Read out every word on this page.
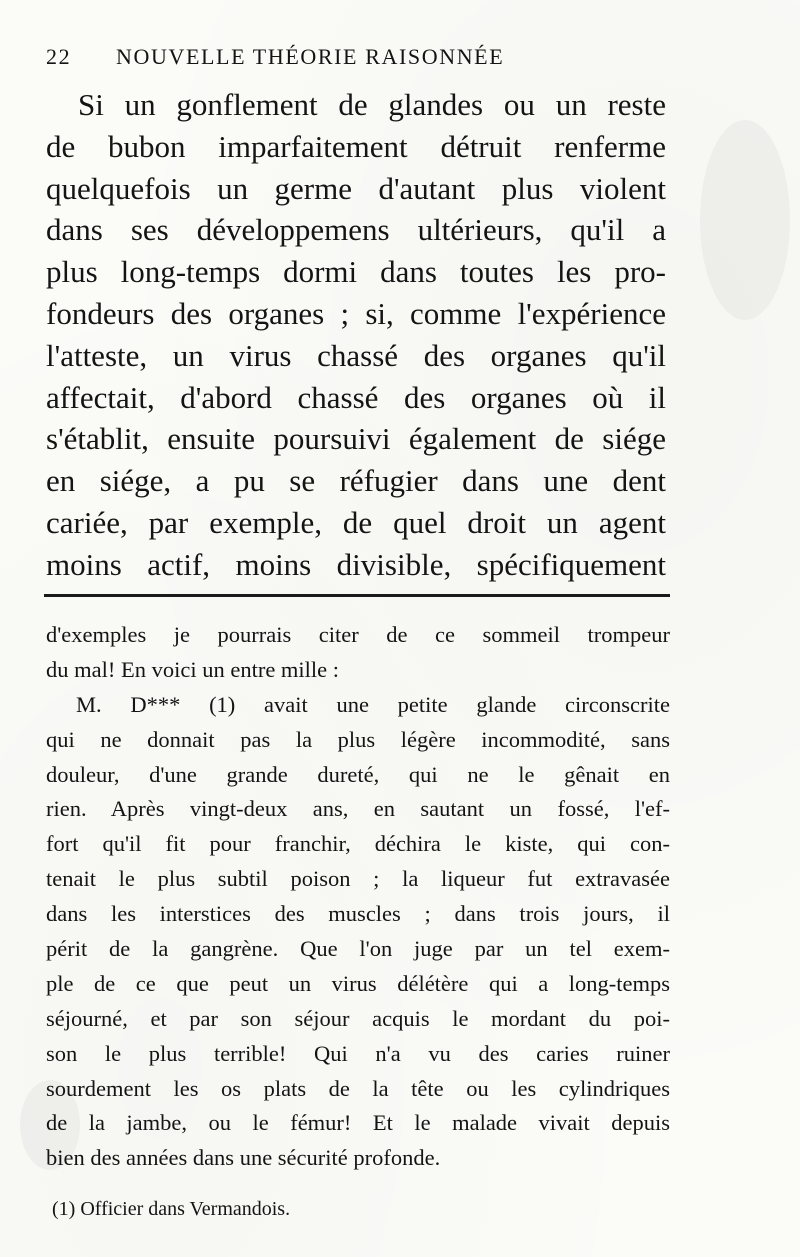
22 NOUVELLE THÉORIE RAISONNÉE
Si un gonflement de glandes ou un reste
de bubon imparfaitement détruit renferme
quelquefois un germe d'autant plus violent
dans ses développemens ultérieurs, qu'il a
plus long-temps dormi dans toutes les pro-
fondeurs des organes ; si, comme l'expérience
l'atteste, un virus chassé des organes qu'il
affectait, d'abord chassé des organes où il
s'établit, ensuite poursuivi également de siége
en siége, a pu se réfugier dans une dent
cariée, par exemple, de quel droit un agent
moins actif, moins divisible, spécifiquement
d'exemples je pourrais citer de ce sommeil trompeur
du mal! En voici un entre mille :
M. D*** (1) avait une petite glande circonscrite
qui ne donnait pas la plus légère incommodité, sans
douleur, d'une grande dureté, qui ne le gênait en
rien. Après vingt-deux ans, en sautant un fossé, l'ef-
fort qu'il fit pour franchir, déchira le kiste, qui con-
tenait le plus subtil poison ; la liqueur fut extravasée
dans les interstices des muscles ; dans trois jours, il
périt de la gangrène. Que l'on juge par un tel exem-
ple de ce que peut un virus délétère qui a long-temps
séjourné, et par son séjour acquis le mordant du poi-
son le plus terrible! Qui n'a vu des caries ruiner
sourdement les os plats de la tête ou les cylindriques
de la jambe, ou le fémur! Et le malade vivait depuis
bien des années dans une sécurité profonde.
(1) Officier dans Vermandois.
